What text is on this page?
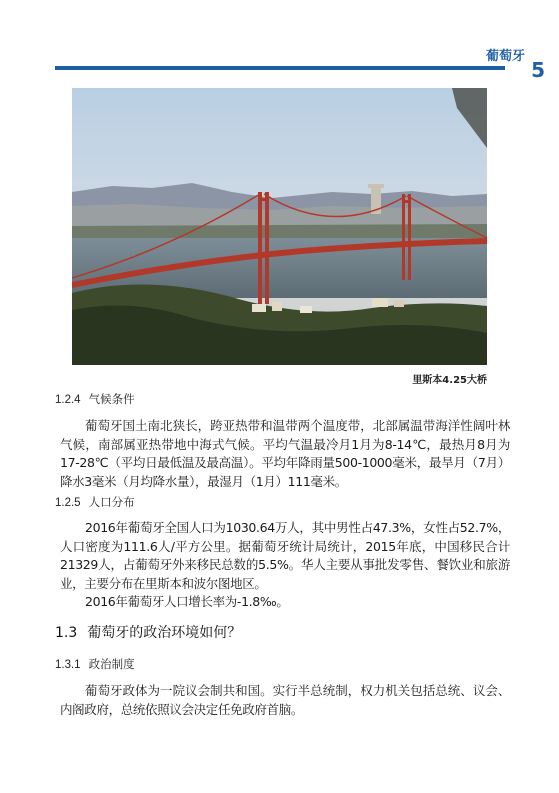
葡萄牙
5
里斯本4.25大桥
1.2.4 气候条件

葡萄牙国土南北狭长，跨亚热带和温带两个温度带，北部属温带海洋性阔叶林气候，南部属亚热带地中海式气候。平均气温最冷月1月为8-14℃，最热月8月为17-28℃（平均日最低温及最高温）。平均年降雨量500-1000毫米，最旱月（7月）降水3毫米（月均降水量），最湿月（1月）111毫米。

1.2.5 人口分布

2016年葡萄牙全国人口为1030.64万人，其中男性占47.3%，女性占52.7%，人口密度为111.6人/平方公里。据葡萄牙统计局统计，2015年底，中国移民合计21329人，占葡萄牙外来移民总数的5.5%。华人主要从事批发零售、餐饮业和旅游业，主要分布在里斯本和波尔图地区。

2016年葡萄牙人口增长率为-1.8‰。

1.3 葡萄牙的政治环境如何？
1.3.1 政治制度

葡萄牙政体为一院议会制共和国。实行半总统制，权力机关包括总统、议会、内阁政府，总统依照议会决定任免政府首脑。
